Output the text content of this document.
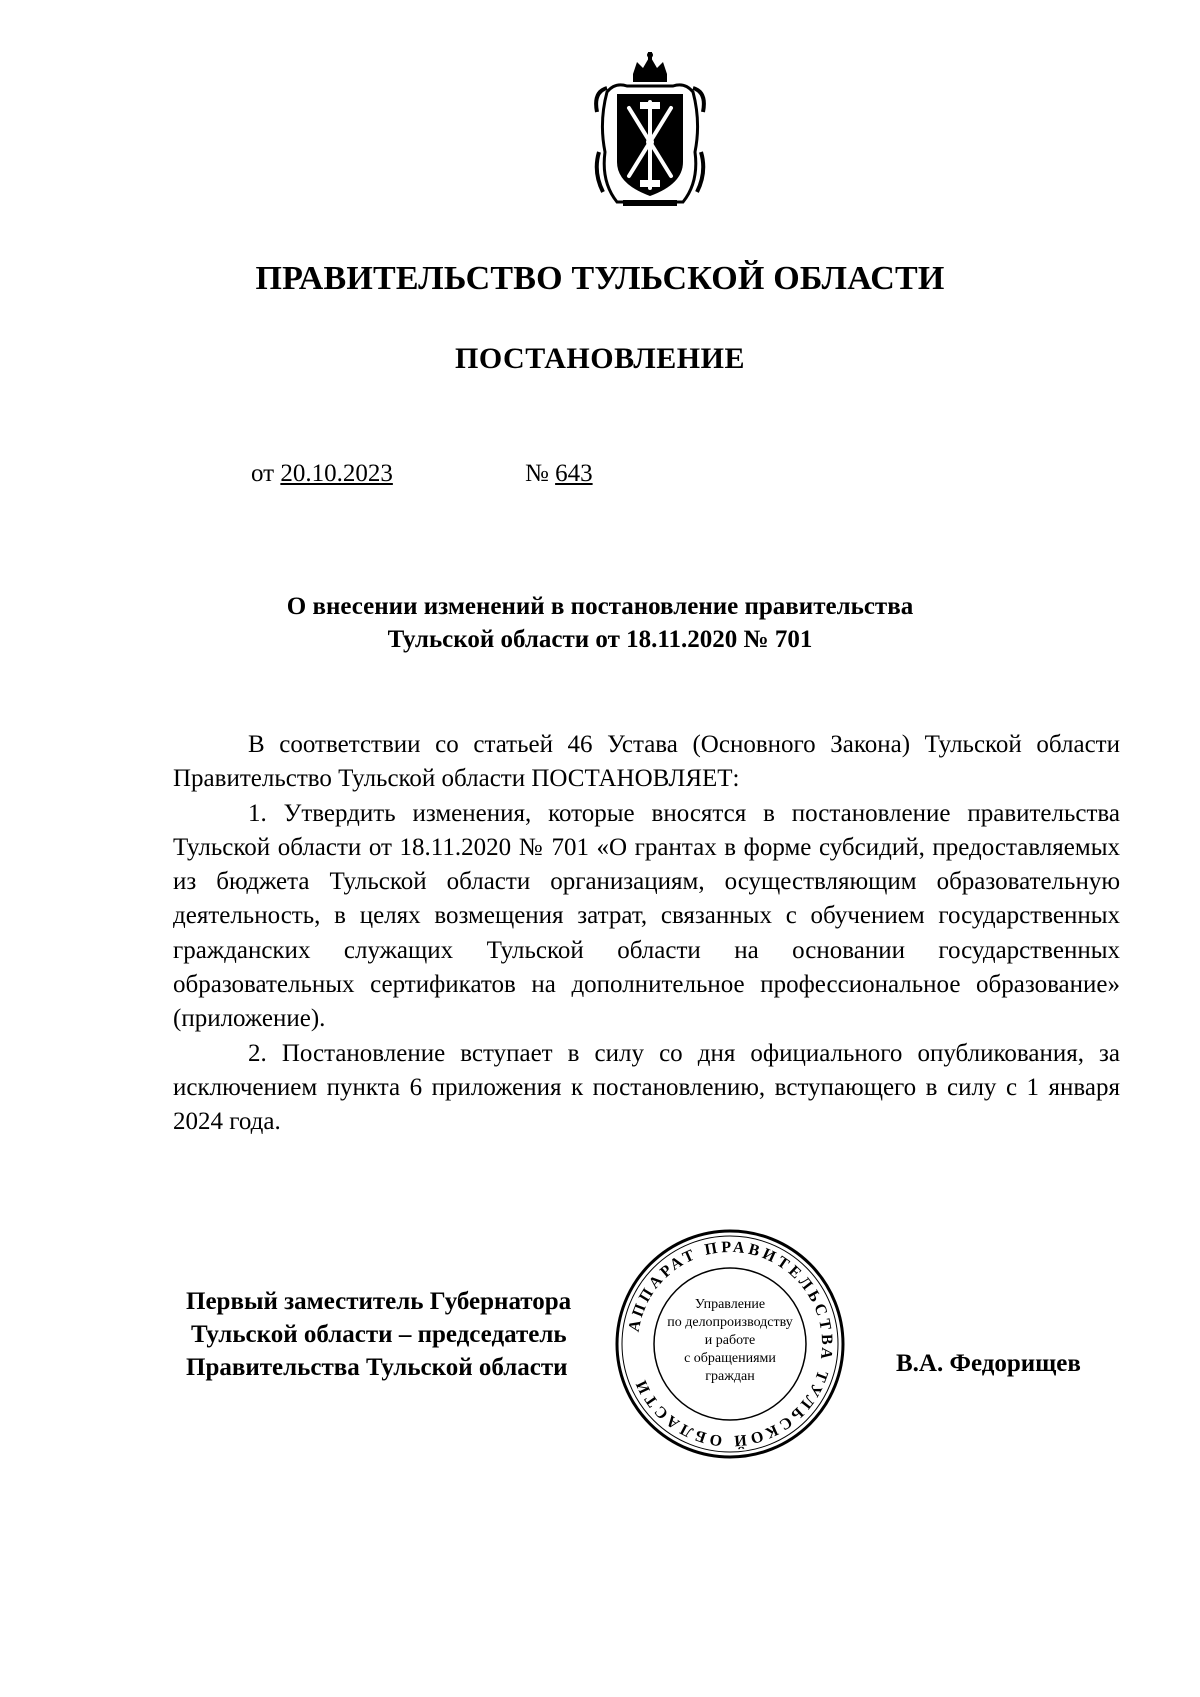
ПРАВИТЕЛЬСТВО ТУЛЬСКОЙ ОБЛАСТИ
ПОСТАНОВЛЕНИЕ
от 20.10.2023	№ 643
О внесении изменений в постановление правительства
Тульской области от 18.11.2020 № 701

В соответствии со статьей 46 Устава (Основного Закона) Тульской области Правительство Тульской области ПОСТАНОВЛЯЕТ:

1. Утвердить изменения, которые вносятся в постановление правительства Тульской области от 18.11.2020 № 701 «О грантах в форме субсидий, предоставляемых из бюджета Тульской области организациям, осуществляющим образовательную деятельность, в целях возмещения затрат, связанных с обучением государственных гражданских служащих Тульской области на основании государственных образовательных сертификатов на дополнительное профессиональное образование» (приложение).

2. Постановление вступает в силу со дня официального опубликования, за исключением пункта 6 приложения к постановлению, вступающего в силу с 1 января 2024 года.

Первый заместитель Губернатора
Тульской области – председатель
Правительства Тульской области
АППАРАТ ПРАВИТЕЛЬСТВА ТУЛЬСКОЙ ОБЛАСТИ
Управление
по делопроизводству
и работе
с обращениями
граждан	В.А. Федорищев
